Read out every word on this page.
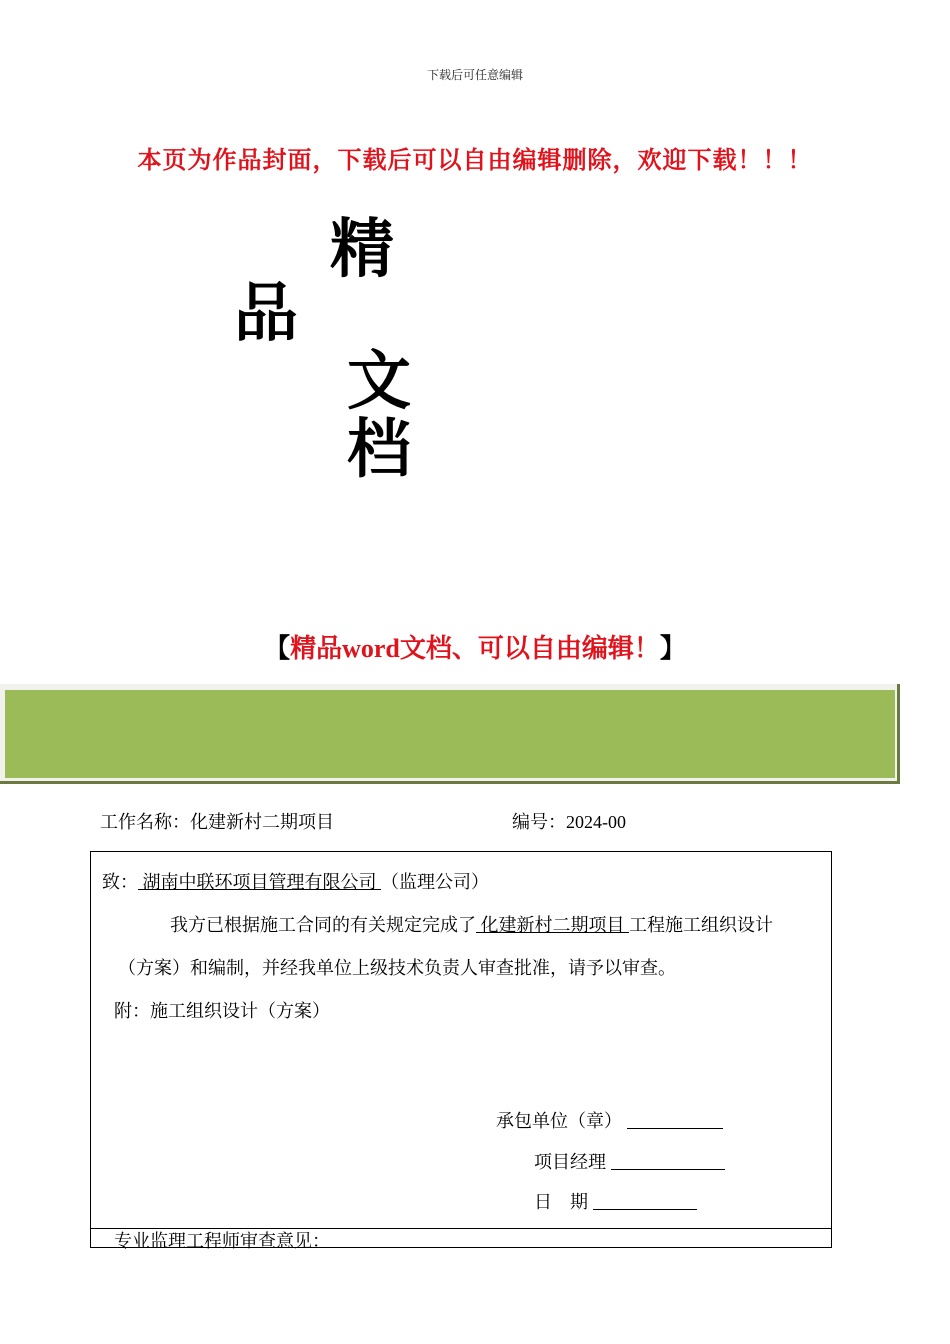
下载后可任意编辑
本页为作品封面，下载后可以自由编辑删除，欢迎下载！！！
精
品
文
档
【精品word文档、可以自由编辑！】
工作名称：化建新村二期项目	编号：2024-00
致： 湖南中联环项目管理有限公司 （监理公司）
我方已根据施工合同的有关规定完成了 化建新村二期项目 工程施工组织设计
（方案）和编制，并经我单位上级技术负责人审查批准，请予以审查。
附：施工组织设计（方案）
承包单位（章）
项目经理
日　期
专业监理工程师审查意见：
